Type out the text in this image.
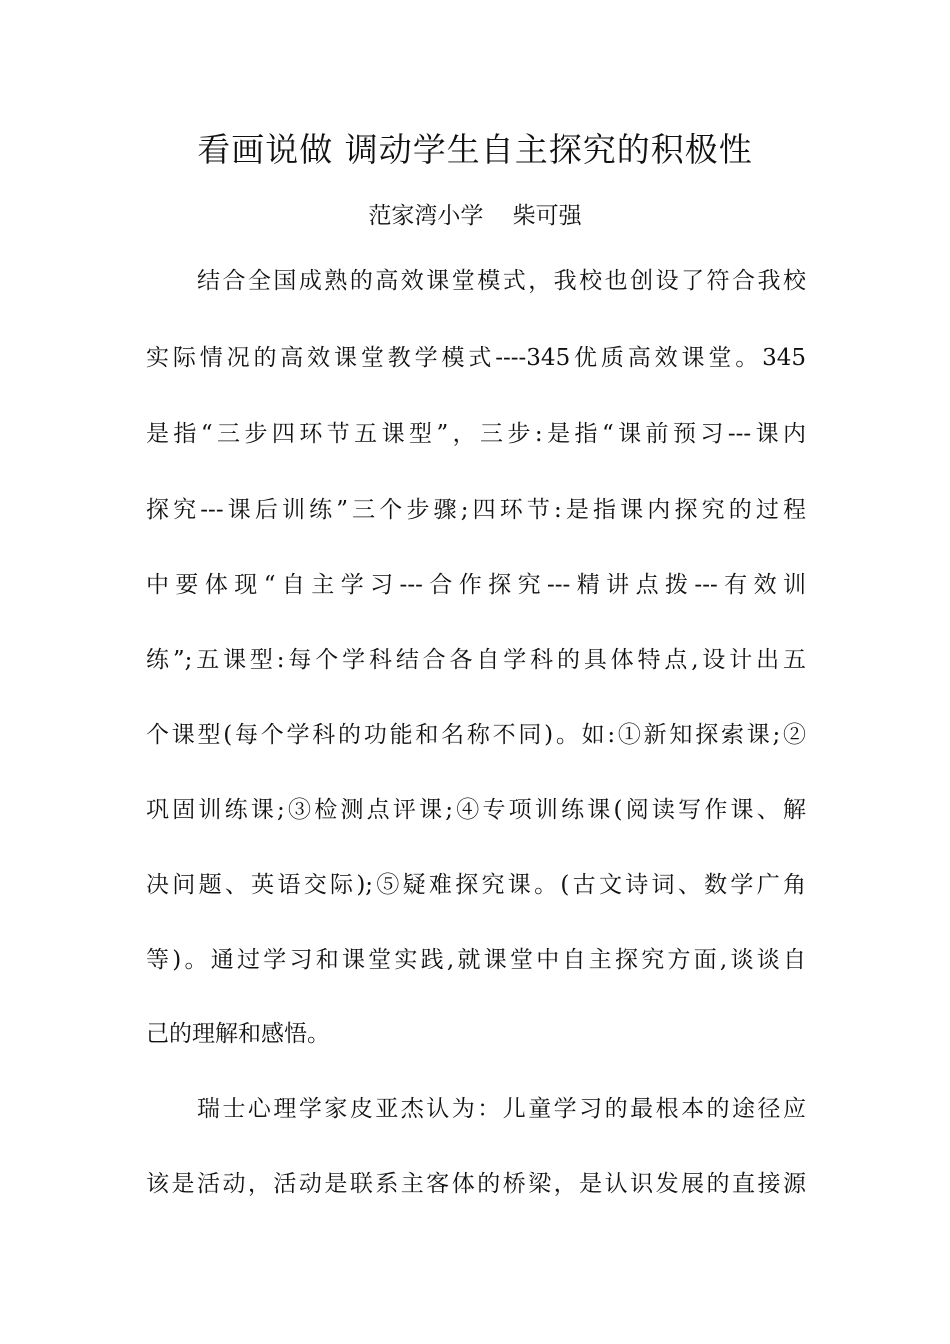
看画说做 调动学生自主探究的积极性
范家湾小学    柴可强
　　结合全国成熟的高效课堂模式，我校也创设了符合我校
实际情况的高效课堂教学模式----345优质高效课堂。345
是指“三步四环节五课型”，三步:是指“课前预习---课内
探究---课后训练”三个步骤;四环节:是指课内探究的过程
中要体现“自主学习---合作探究---精讲点拨---有效训
练”;五课型:每个学科结合各自学科的具体特点,设计出五
个课型(每个学科的功能和名称不同)。如:①新知探索课;②
巩固训练课;③检测点评课;④专项训练课(阅读写作课、解
决问题、英语交际);⑤疑难探究课。(古文诗词、数学广角
等)。通过学习和课堂实践,就课堂中自主探究方面,谈谈自
己的理解和感悟。
　　瑞士心理学家皮亚杰认为：儿童学习的最根本的途径应
该是活动，活动是联系主客体的桥梁，是认识发展的直接源
